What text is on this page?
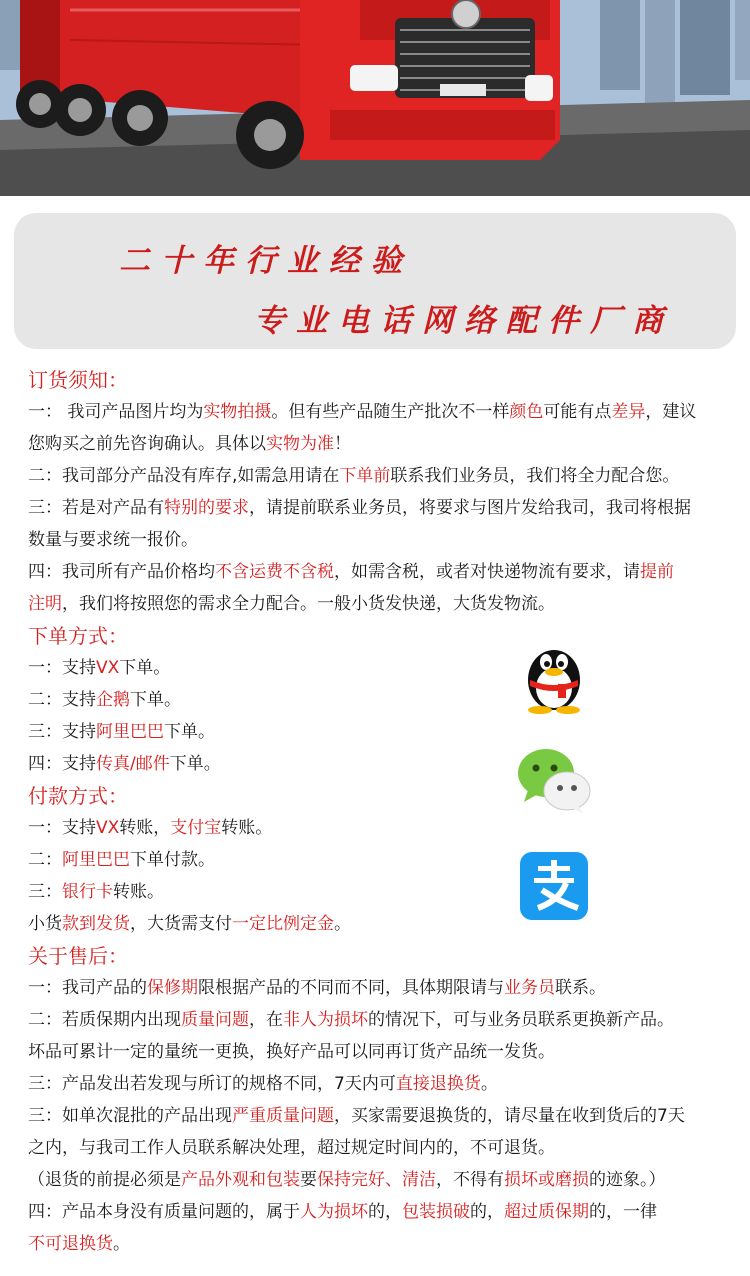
二十年行业经验
专业电话网络配件厂商
订货须知：
一： 我司产品图片均为实物拍摄。但有些产品随生产批次不一样颜色可能有点差异，建议
您购买之前先咨询确认。具体以实物为准！
二：我司部分产品没有库存,如需急用请在下单前联系我们业务员，我们将全力配合您。
三：若是对产品有特别的要求，请提前联系业务员，将要求与图片发给我司，我司将根据
数量与要求统一报价。
四：我司所有产品价格均不含运费不含税，如需含税，或者对快递物流有要求，请提前
注明，我们将按照您的需求全力配合。一般小货发快递，大货发物流。
下单方式：
一：支持VX下单。
二：支持企鹅下单。
三：支持阿里巴巴下单。
四：支持传真/邮件下单。
付款方式：
一：支持VX转账，支付宝转账。
二：阿里巴巴下单付款。
三：银行卡转账。
小货款到发货，大货需支付一定比例定金。
关于售后：
一：我司产品的保修期限根据产品的不同而不同，具体期限请与业务员联系。
二：若质保期内出现质量问题，在非人为损坏的情况下，可与业务员联系更换新产品。
坏品可累计一定的量统一更换，换好产品可以同再订货产品统一发货。
三：产品发出若发现与所订的规格不同，7天内可直接退换货。
三：如单次混批的产品出现严重质量问题，买家需要退换货的，请尽量在收到货后的7天
之内，与我司工作人员联系解决处理，超过规定时间内的，不可退货。
（退货的前提必须是产品外观和包装要保持完好、清洁，不得有损坏或磨损的迹象。）
四：产品本身没有质量问题的，属于人为损坏的，包装损破的，超过质保期的，一律
不可退换货。
